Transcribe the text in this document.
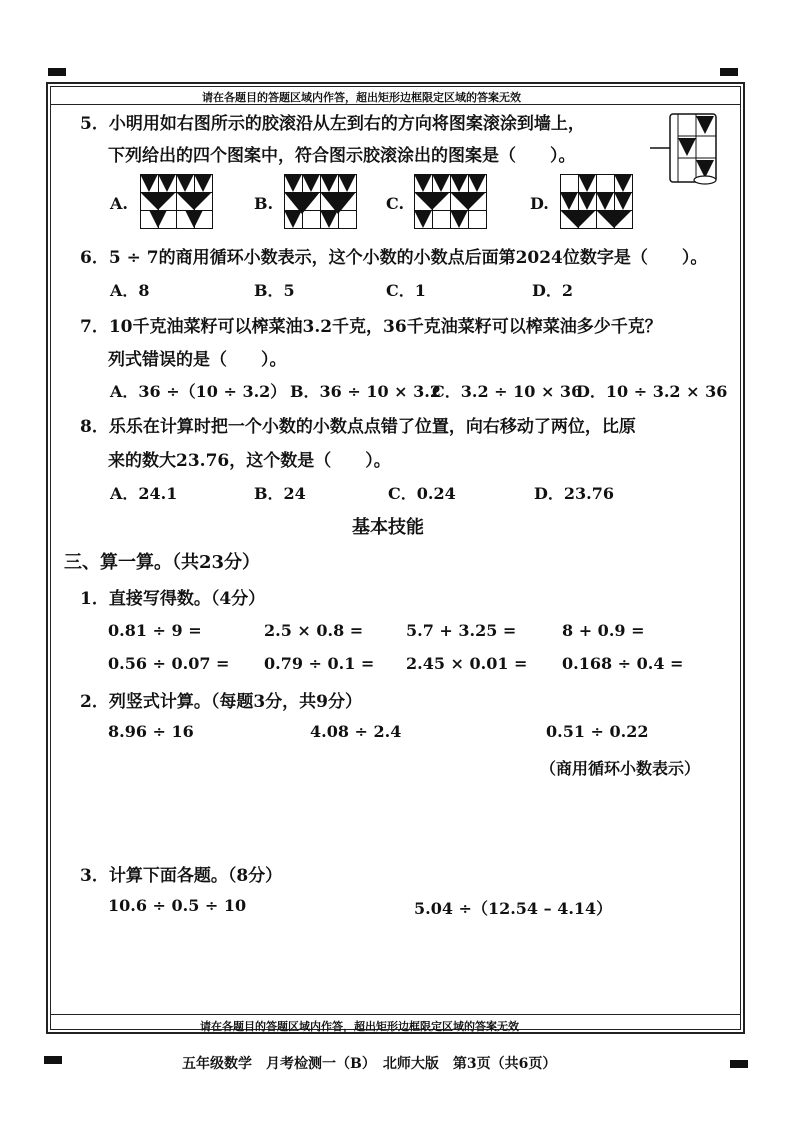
请在各题目的答题区域内作答，超出矩形边框限定区域的答案无效
5．小明用如右图所示的胶滚沿从左到右的方向将图案滚涂到墙上，
下列给出的四个图案中，符合图示胶滚涂出的图案是（　　）。
A.	B.	C.	D.
6．5 ÷ 7的商用循环小数表示，这个小数的小数点后面第2024位数字是（　　）。
A．8	B．5	C．1	D．2
7．10千克油菜籽可以榨菜油3.2千克，36千克油菜籽可以榨菜油多少千克？
列式错误的是（　　）。
A．36 ÷（10 ÷ 3.2） B．36 ÷ 10 × 3.2
C．3.2 ÷ 10 × 36
D．10 ÷ 3.2 × 36
8．乐乐在计算时把一个小数的小数点点错了位置，向右移动了两位，比原
来的数大23.76，这个数是（　　）。
A．24.1	B．24	C．0.24	D．23.76
基本技能
三、算一算。（共23分）
1．直接写得数。（4分）
0.81 ÷ 9 =	2.5 × 0.8 =	5.7 + 3.25 =	8 + 0.9 =
0.56 ÷ 0.07 = 0.79 ÷ 0.1 = 2.45 × 0.01 = 0.168 ÷ 0.4 =
2．列竖式计算。（每题3分，共9分）
8.96 ÷ 16	4.08 ÷ 2.4	0.51 ÷ 0.22
（商用循环小数表示）
3．计算下面各题。（8分）
10.6 ÷ 0.5 ÷ 10	5.04 ÷（12.54 – 4.14）
请在各题目的答题区域内作答，超出矩形边框限定区域的答案无效
五年级数学　月考检测一（B）　北师大版　第3页（共6页）
